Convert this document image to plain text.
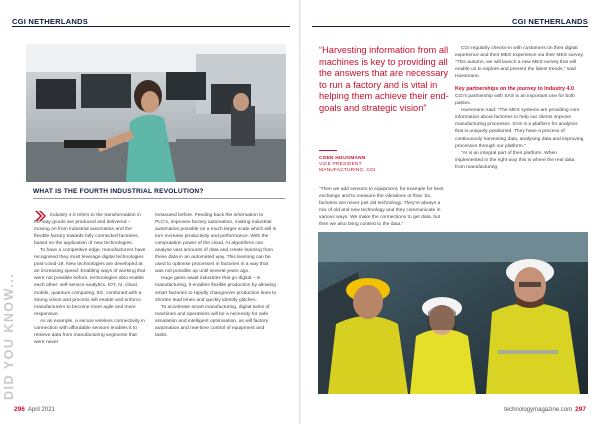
CGI NETHERLANDS
WHAT IS THE FOURTH INDUSTRIAL REVOLUTION?
DID YOU KNOW...

Industry 4.0 refers to the transformation in the way goods are produced and delivered – moving on from industrial automation and the flexible factory towards fully connected factories, based on the application of new technologies.

To have a competitive edge, manufacturers have recognised they must leverage digital technologies post-covid-19. New technologies are developed at an increasing speed. Enabling ways of working that were not possible before, technologies also enable each other: self-service analytics, IOT, AI, cloud, mobile, quantum computing, 5G, combined with a strong vision and process will enable and enforce manufacturers to become more agile and more responsive.

As an example, a secure wireless connectivity in connection with affordable sensors enables it to retrieve data from manufacturing segments that were never

measured before. Feeding back the information to PLC's, improves factory automation, making industrial automation possible on a much larger scale which will in turn increase productivity and performance. With the computation power of the cloud, AI algorithms can analyse vast amounts of data and create learning from these data in an automated way. This learning can be used to optimise processes in factories in a way that was not possible up until several years ago.

Huge gains await industries that go digital – in manufacturing, it enables flexible production by allowing smart factories to rapidly changeover production lines to shorten lead times and quickly identify glitches.

To accelerate smart manufacturing, digital twins of machines and operations will be a necessity for safe simulation and intelligent optimisation, as will factory automation and real-time control of equipment and tasks.

296 April 2021
CGI NETHERLANDS
“Harvesting information from all machines is key to providing all the answers that are necessary to run a factory and is vital in helping them achieve their end-goals and strategic vision”
COEN HUIJSMANN
VICE PRESIDENT
MANUFACTURING, CGI

“Then we add sensors to equipment, for example for heat exchange and to measure the vibrations or flow. So, factories are never just old technology. They're always a mix of old and new technology and they communicate in various ways. We make the connections to get data, but then we also bring context to the data.”

CGI regularly checks-in with customers on their digital experience and their MES experience via their MES survey. “This autumn, we will launch a new MES survey that will enable us to explore and present the latest trends,” said Huesmann.

Key partnerships on the journey to Industry 4.0

CGI's partnership with SAS is an important one for both parties.

Huesmann said: “The MES systems are providing core information about factories to help our clients improve manufacturing processes. SAS is a platform for analytics that is uniquely positioned. They have a process of continuously harvesting data, analysing data and improving processes through our platform.”

“AI is an integral part of their platform. When implemented in the right way this is where the real data from manufacturing

technologymagazine.com 297
